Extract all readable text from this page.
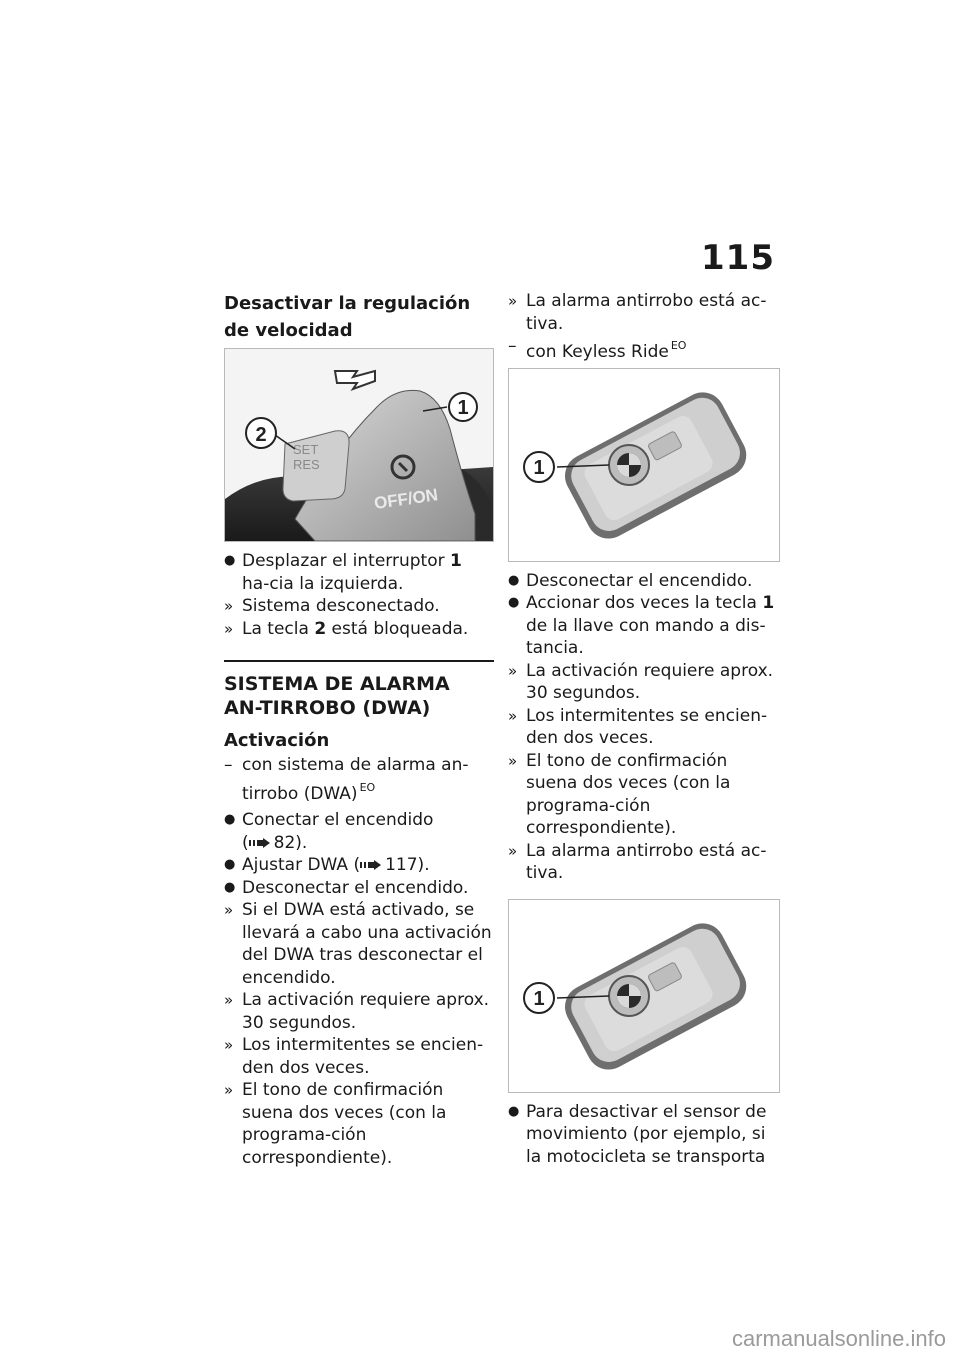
115

Desactivar la regulación de velocidad

SET
RES
OFF/ON
1
2
● Desplazar el interruptor 1 ha-cia la izquierda.
» Sistema desconectado.
» La tecla 2 está bloqueada.
SISTEMA DE ALARMA AN-TIRROBO (DWA)
Activación
– con sistema de alarma an-tirrobo (DWA) $^{EO}$
● Conectar el encendido
( 82).
● Ajustar DWA ( 117).
● Desconectar el encendido.
» Si el DWA está activado, se llevará a cabo una activación del DWA tras desconectar el encendido.
» La activación requiere aprox. 30 segundos.
» Los intermitentes se encien-den dos veces.
» El tono de confirmación suena dos veces (con la programa-ción correspondiente).
» La alarma antirrobo está ac-tiva.
– con Keyless Ride $^{EO}$
1
● Desconectar el encendido.
● Accionar dos veces la tecla 1 de la llave con mando a dis-tancia.
» La activación requiere aprox. 30 segundos.
» Los intermitentes se encien-den dos veces.
» El tono de confirmación suena dos veces (con la programa-ción correspondiente).
» La alarma antirrobo está ac-tiva.
1
● Para desactivar el sensor de movimiento (por ejemplo, si la motocicleta se transporta
carmanualsonline.info
